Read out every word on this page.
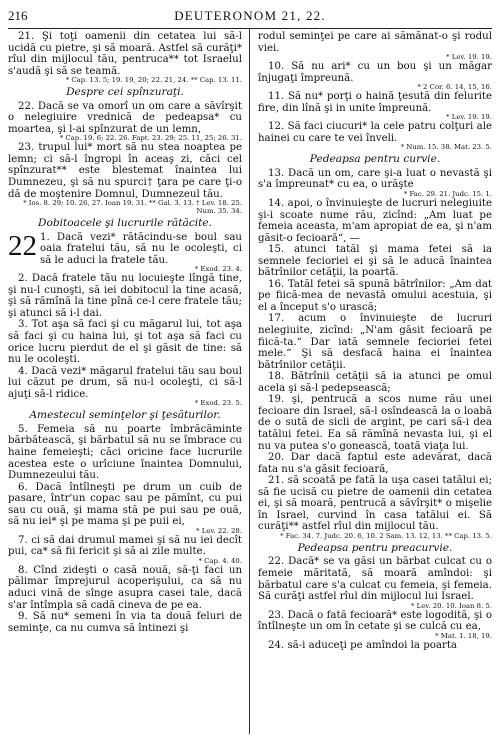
216	DEUTERONOM 21, 22.

21. Şi toţi oamenii din cetatea lui să-l ucidă cu pietre, şi să moară. Astfel să curăţi* rîul din mijlocul tău, pentruca** tot Israelul s'audă şi să se teamă.

* Cap. 13. 5; 19. 19, 20; 22. 21, 24. ** Cap. 13. 11.
Despre cei spînzuraţi.

22. Dacă se va omorî un om care a săvîrşit o nelegiuire vrednică de pedeapsa* cu moartea, şi l-ai spînzurat de un lemn,

* Cap. 19. 6; 22. 26. Fapt. 23. 29; 25. 11, 25; 26. 31.

23. trupul lui* mort să nu stea noaptea pe lemn; ci să-l îngropi în aceaş zi, căci cel spînzurat** este blestemat înaintea lui Dumnezeu, şi să nu spurci† ţara pe care ţi-o dă de moştenire Domnul, Dumnezeul tău.

* Ios. 8. 29; 10. 26, 27. Ioan 19. 31. ** Gal. 3. 13. † Lev. 18. 25. Num. 35. 34.
Dobitoacele şi lucrurile rătăcite.

22 1. Dacă vezi* rătăcindu-se boul sau oaia fratelui tău, să nu le ocoleşti, ci să le aduci la fratele tău.

* Exod. 23. 4.

2. Dacă fratele tău nu locuieşte lîngă tine, şi nu-l cunoşti, să iei dobitocul la tine acasă, şi să rămînă la tine pînă ce-l cere fratele tău; şi atunci să i-l dai.

3. Tot aşa să faci şi cu măgarul lui, tot aşa să faci şi cu haina lui, şi tot aşa să faci cu orice lucru pierdut de el şi găsit de tine: să nu le ocoleşti.

4. Dacă vezi* măgarul fratelui tău sau boul lui căzut pe drum, să nu-l ocoleşti, ci să-l ajuţi să-l ridice.

* Exod. 23. 5.
Amestecul seminţelor şi ţesăturilor.

5. Femeia să nu poarte îmbrăcăminte bărbătească, şi bărbatul să nu se îmbrace cu haine femeieşti; căci oricine face lucrurile acestea este o urîciune înaintea Domnului, Dumnezeului tău.

6. Dacă întîlneşti pe drum un cuib de pasare, într'un copac sau pe pămînt, cu pui sau cu ouă, şi mama stă pe pui sau pe ouă, să nu iei* şi pe mama şi pe puii ei,

* Lev. 22. 28.

7. ci să dai drumul mamei şi să nu iei decît pui, ca* să fii fericit şi să ai zile multe.

* Cap. 4. 40.

8. Cînd zideşti o casă nouă, să-ţi faci un pălimar împrejurul acoperişului, ca să nu aduci vină de sînge asupra casei tale, dacă s'ar întîmpla să cadă cineva de pe ea.

9. Să nu* semeni în via ta două feluri de seminţe, ca nu cumva să întinezi şi

rodul seminţei pe care ai sămănat-o şi rodul viei.

* Lev. 19. 19.

10. Să nu ari* cu un bou şi un măgar înjugaţi împreună.

* 2 Cor. 6. 14, 15, 16.

11. Să nu* porţi o haină ţesută din felurite fire, din lînă şi in unite împreună.

* Lev. 19. 19.

12. Să faci ciucuri* la cele patru colţuri ale hainei cu care te vei înveli.

* Num. 15. 38. Mat. 23. 5.
Pedeapsa pentru curvie.

13. Dacă un om, care şi-a luat o nevastă şi s'a împreunat* cu ea, o urăşte

* Fac. 29. 21. Judc. 15. 1.

14. apoi, o învinuieşte de lucruri nelegiuite şi-i scoate nume rău, zicînd: „Am luat pe femeia aceasta, m'am apropiat de ea, şi n'am găsit-o fecioară“, —

15. atunci tatăl şi mama fetei să ia semnele fecioriei ei şi să le aducă înaintea bătrînilor cetăţii, la poartă.

16. Tatăl fetei să spună bătrînilor: „Am dat pe fiică-mea de nevastă omului acestuia, şi el a început s'o urască;

17. acum o învinuieşte de lucruri nelegiuite, zicînd: „N'am găsit fecioară pe fiică-ta.“ Dar iată semnele fecioriei fetei mele.“ Şi să desfacă haina ei înaintea bătrînilor cetăţii.

18. Bătrînii cetăţii să ia atunci pe omul acela şi să-l pedepsească;

19. şi, pentrucă a scos nume rău unei fecioare din Israel, să-l osîndească la o loabă de o sută de sicli de argint, pe cari să-i dea tatălui fetei. Ea să rămînă nevasta lui, şi el nu va putea s'o gonească, toată viaţa lui.

20. Dar dacă faptul este adevărat, dacă fata nu s'a găsit fecioară,

21. să scoată pe fată la uşa casei tatălui ei; să fie ucisă cu pietre de oamenii din cetatea ei, şi să moară, pentrucă a săvîrşit* o mişelie în Israel, curvind în casa tatălui ei. Să curăţi** astfel rîul din mijlocul tău.

* Fac. 34. 7. Judc. 20. 6, 10. 2 Sam. 13. 12, 13. ** Cap. 13. 5.
Pedeapsa pentru preacurvie.

22. Dacă* se va găsi un bărbat culcat cu o femeie măritată, să moară amîndoi: şi bărbatul care s'a culcat cu femeia, şi femeia. Să curăţi astfel rîul din mijlocul lui Israel.

* Lev. 20. 10. Ioan 8. 5.

23. Dacă o fată fecioară* este logodită, şi o întîlneşte un om în cetate şi se culcă cu ea,

* Mat. 1. 18, 19.

24. să-i aduceţi pe amîndoi la poarta
